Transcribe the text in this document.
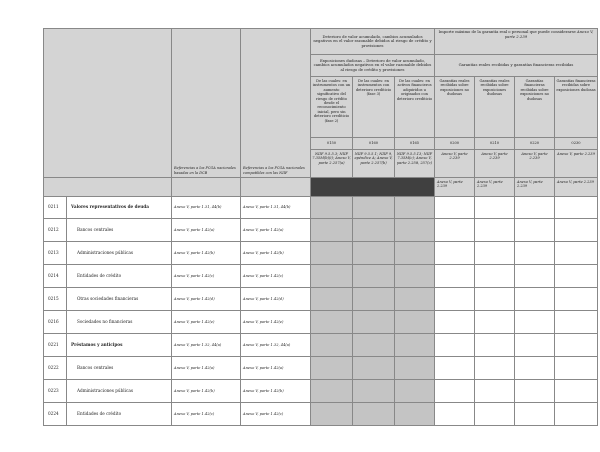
		Referencias a los PCGA nacionales basadas en la DCB	Referencias a los PCGA nacionales compatibles con las NIIF	Deterioro de valor acumulado, cambios acumulados negativos en el valor razonable debidos al riesgo de crédito y provisiones			Importe máximo de la garantía real o personal que puede considerarse Anexo V, parte 2.239			
				Exposiciones dudosas – Deterioro de valor acumulado, cambios acumulados negativos en el valor razonable debidos al riesgo de crédito y provisiones			Garantías reales recibidas y garantías financieras recibidas			
				De las cuales: en instrumentos con un aumento significativo del riesgo de crédito desde el reconocimiento inicial, pero sin deterioro crediticio (fase 2)	De las cuales: en instrumentos con deterioro crediticio (fase 3)	De las cuales: en activos financieros adquiridos u originados con deterioro crediticio	Garantías reales recibidas sobre exposiciones no dudosas	Garantías reales recibidas sobre exposiciones dudosas	Garantías financieras recibidas sobre exposiciones no dudosas	Garantías financieras recibidas sobre exposiciones dudosas
				0150	0160	0165	0200	0210	0220	0230
				NIIF 9.5.5.3; NIIF 7.35M(b)(i); Anexo V, parte 2.257(a)	NIIF 9.5.5.1; NIIF 9, apéndice A; Anexo V, parte 2.257(b)	NIIF 9.5.5.13; NIIF 7.35M(c); Anexo V, parte 2.258, 257(c)	Anexo V, parte 2.239	Anexo V, parte 2.239	Anexo V, parte 2.239	Anexo V, parte 2.239
							Anexo V, parte 2.239	Anexo V, parte 2.239	Anexo V, parte 2.239	Anexo V, parte 2.239
0211	Valores representativos de deuda	Anexo V, parte 1.31, 44(b)	Anexo V, parte 1.31, 44(b)							
0212	Bancos centrales	Anexo V, parte 1.42(a)	Anexo V, parte 1.42(a)							
0213	Administraciones públicas	Anexo V, parte 1.42(b)	Anexo V, parte 1.42(b)							
0214	Entidades de crédito	Anexo V, parte 1.42(c)	Anexo V, parte 1.42(c)							
0215	Otras sociedades financieras	Anexo V, parte 1.42(d)	Anexo V, parte 1.42(d)							
0216	Sociedades no financieras	Anexo V, parte 1.42(e)	Anexo V, parte 1.42(e)							
0221	Préstamos y anticipos	Anexo V, parte 1.32, 44(a)	Anexo V, parte 1.32, 44(a)							
0222	Bancos centrales	Anexo V, parte 1.42(a)	Anexo V, parte 1.42(a)							
0223	Administraciones públicas	Anexo V, parte 1.42(b)	Anexo V, parte 1.42(b)							
0224	Entidades de crédito	Anexo V, parte 1.42(c)	Anexo V, parte 1.42(c)							
